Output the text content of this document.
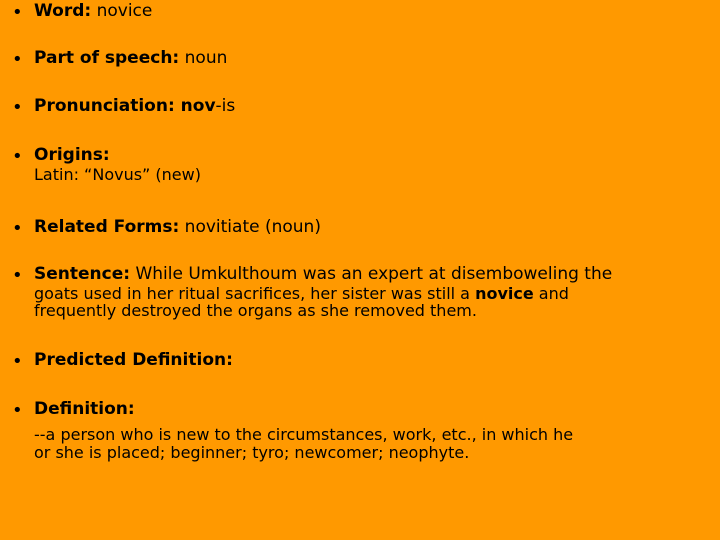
• Word: novice
• Part of speech: noun
• Pronunciation: nov-is
• Origins:
Latin: “Novus” (new)
• Related Forms: novitiate (noun)
• Sentence: While Umkulthoum was an expert at disemboweling the
goats used in her ritual sacrifices, her sister was still a novice and
frequently destroyed the organs as she removed them.
• Predicted Definition:
• Definition:
--a person who is new to the circumstances, work, etc., in which he
or she is placed; beginner; tyro; newcomer; neophyte.
